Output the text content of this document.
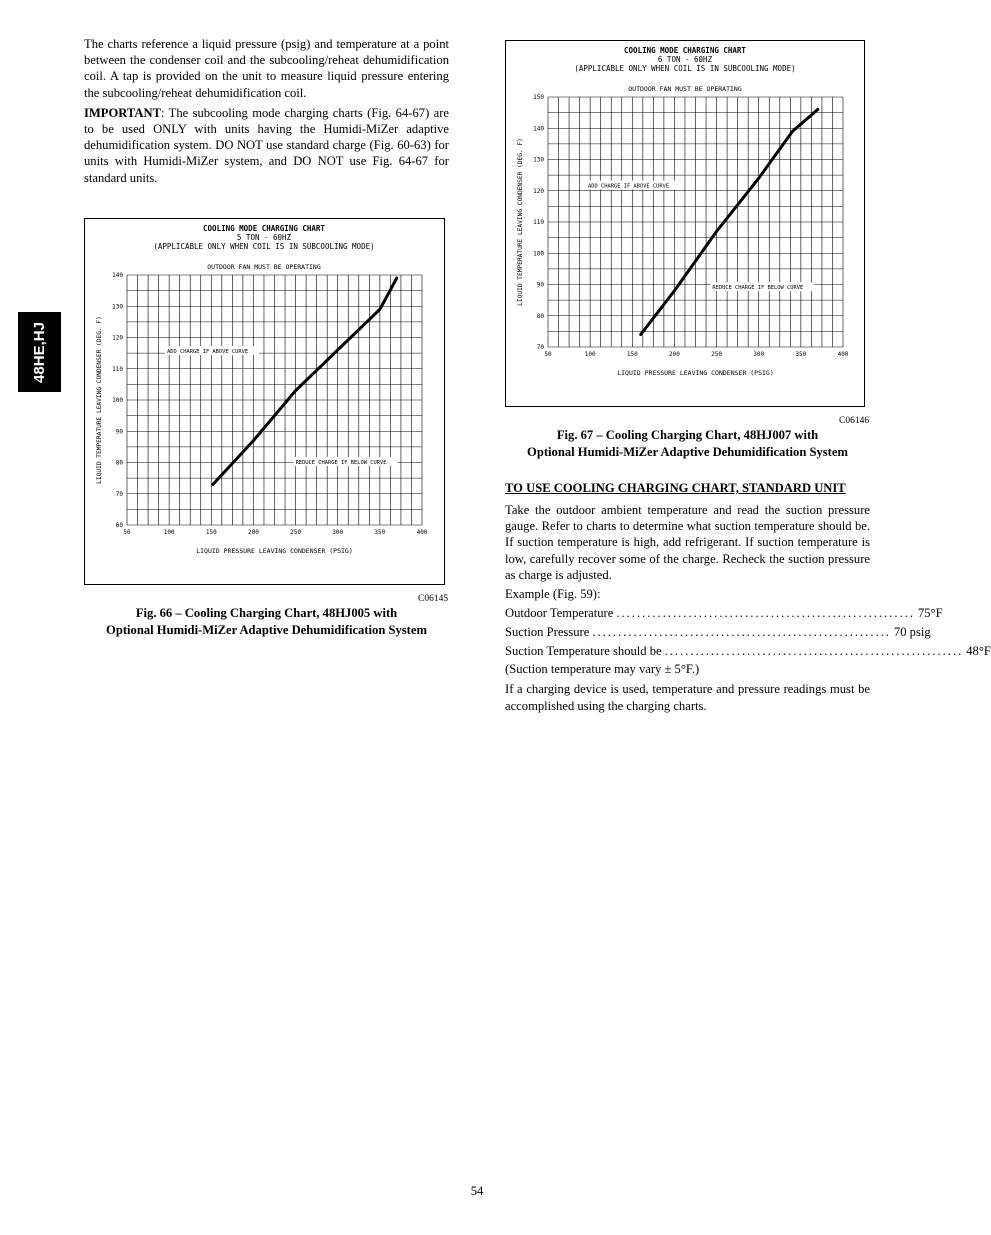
48HE,HJ

The charts reference a liquid pressure (psig) and temperature at a point between the condenser coil and the subcooling/reheat dehumidification coil. A tap is provided on the unit to measure liquid pressure entering the subcooling/reheat dehumidification coil.

IMPORTANT: The subcooling mode charging charts (Fig. 64-67) are to be used ONLY with units having the Humidi-MiZer adaptive dehumidification system. DO NOT use standard charge (Fig. 60-63) for units with Humidi-MiZer system, and DO NOT use Fig. 64-67 for standard units.

COOLING MODE CHARGING CHART
5 TON - 60HZ
(APPLICABLE ONLY WHEN COIL IS IN SUBCOOLING MODE)
OUTDOOR FAN MUST BE OPERATING
50	100	150	200	250	300	350	400
60
70
80
90
100
110
120
130
140
LIQUID PRESSURE LEAVING CONDENSER (PSIG)
LIQUID TEMPERATURE LEAVING CONDENSER (DEG. F)	ADD CHARGE IF ABOVE CURVE
REDUCE CHARGE IF BELOW CURVE
C06145
Fig. 66 – Cooling Charging Chart, 48HJ005 with
Optional Humidi-MiZer Adaptive Dehumidification System
COOLING MODE CHARGING CHART
6 TON - 60HZ
(APPLICABLE ONLY WHEN COIL IS IN SUBCOOLING MODE)
OUTDOOR FAN MUST BE OPERATING
50	100	150	200	250	300	350	400
70
80
90
100
110
120
130
140
150
LIQUID PRESSURE LEAVING CONDENSER (PSIG)
LIQUID TEMPERATURE LEAVING CONDENSER (DEG. F)	ADD CHARGE IF ABOVE CURVE
REDUCE CHARGE IF BELOW CURVE
C06146
Fig. 67 – Cooling Charging Chart, 48HJ007 with
Optional Humidi-MiZer Adaptive Dehumidification System
TO USE COOLING CHARGING CHART, STANDARD UNIT

Take the outdoor ambient temperature and read the suction pressure gauge. Refer to charts to determine what suction temperature should be. If suction temperature is high, add refrigerant. If suction temperature is low, carefully recover some of the charge. Recheck the suction pressure as charge is adjusted.

Example (Fig. 59):

Outdoor Temperature .......................................................... 75°F
Suction Pressure .......................................................... 70 psig
Suction Temperature should be .......................................................... 48°F

(Suction temperature may vary ± 5°F.)

If a charging device is used, temperature and pressure readings must be accomplished using the charging charts.

54
